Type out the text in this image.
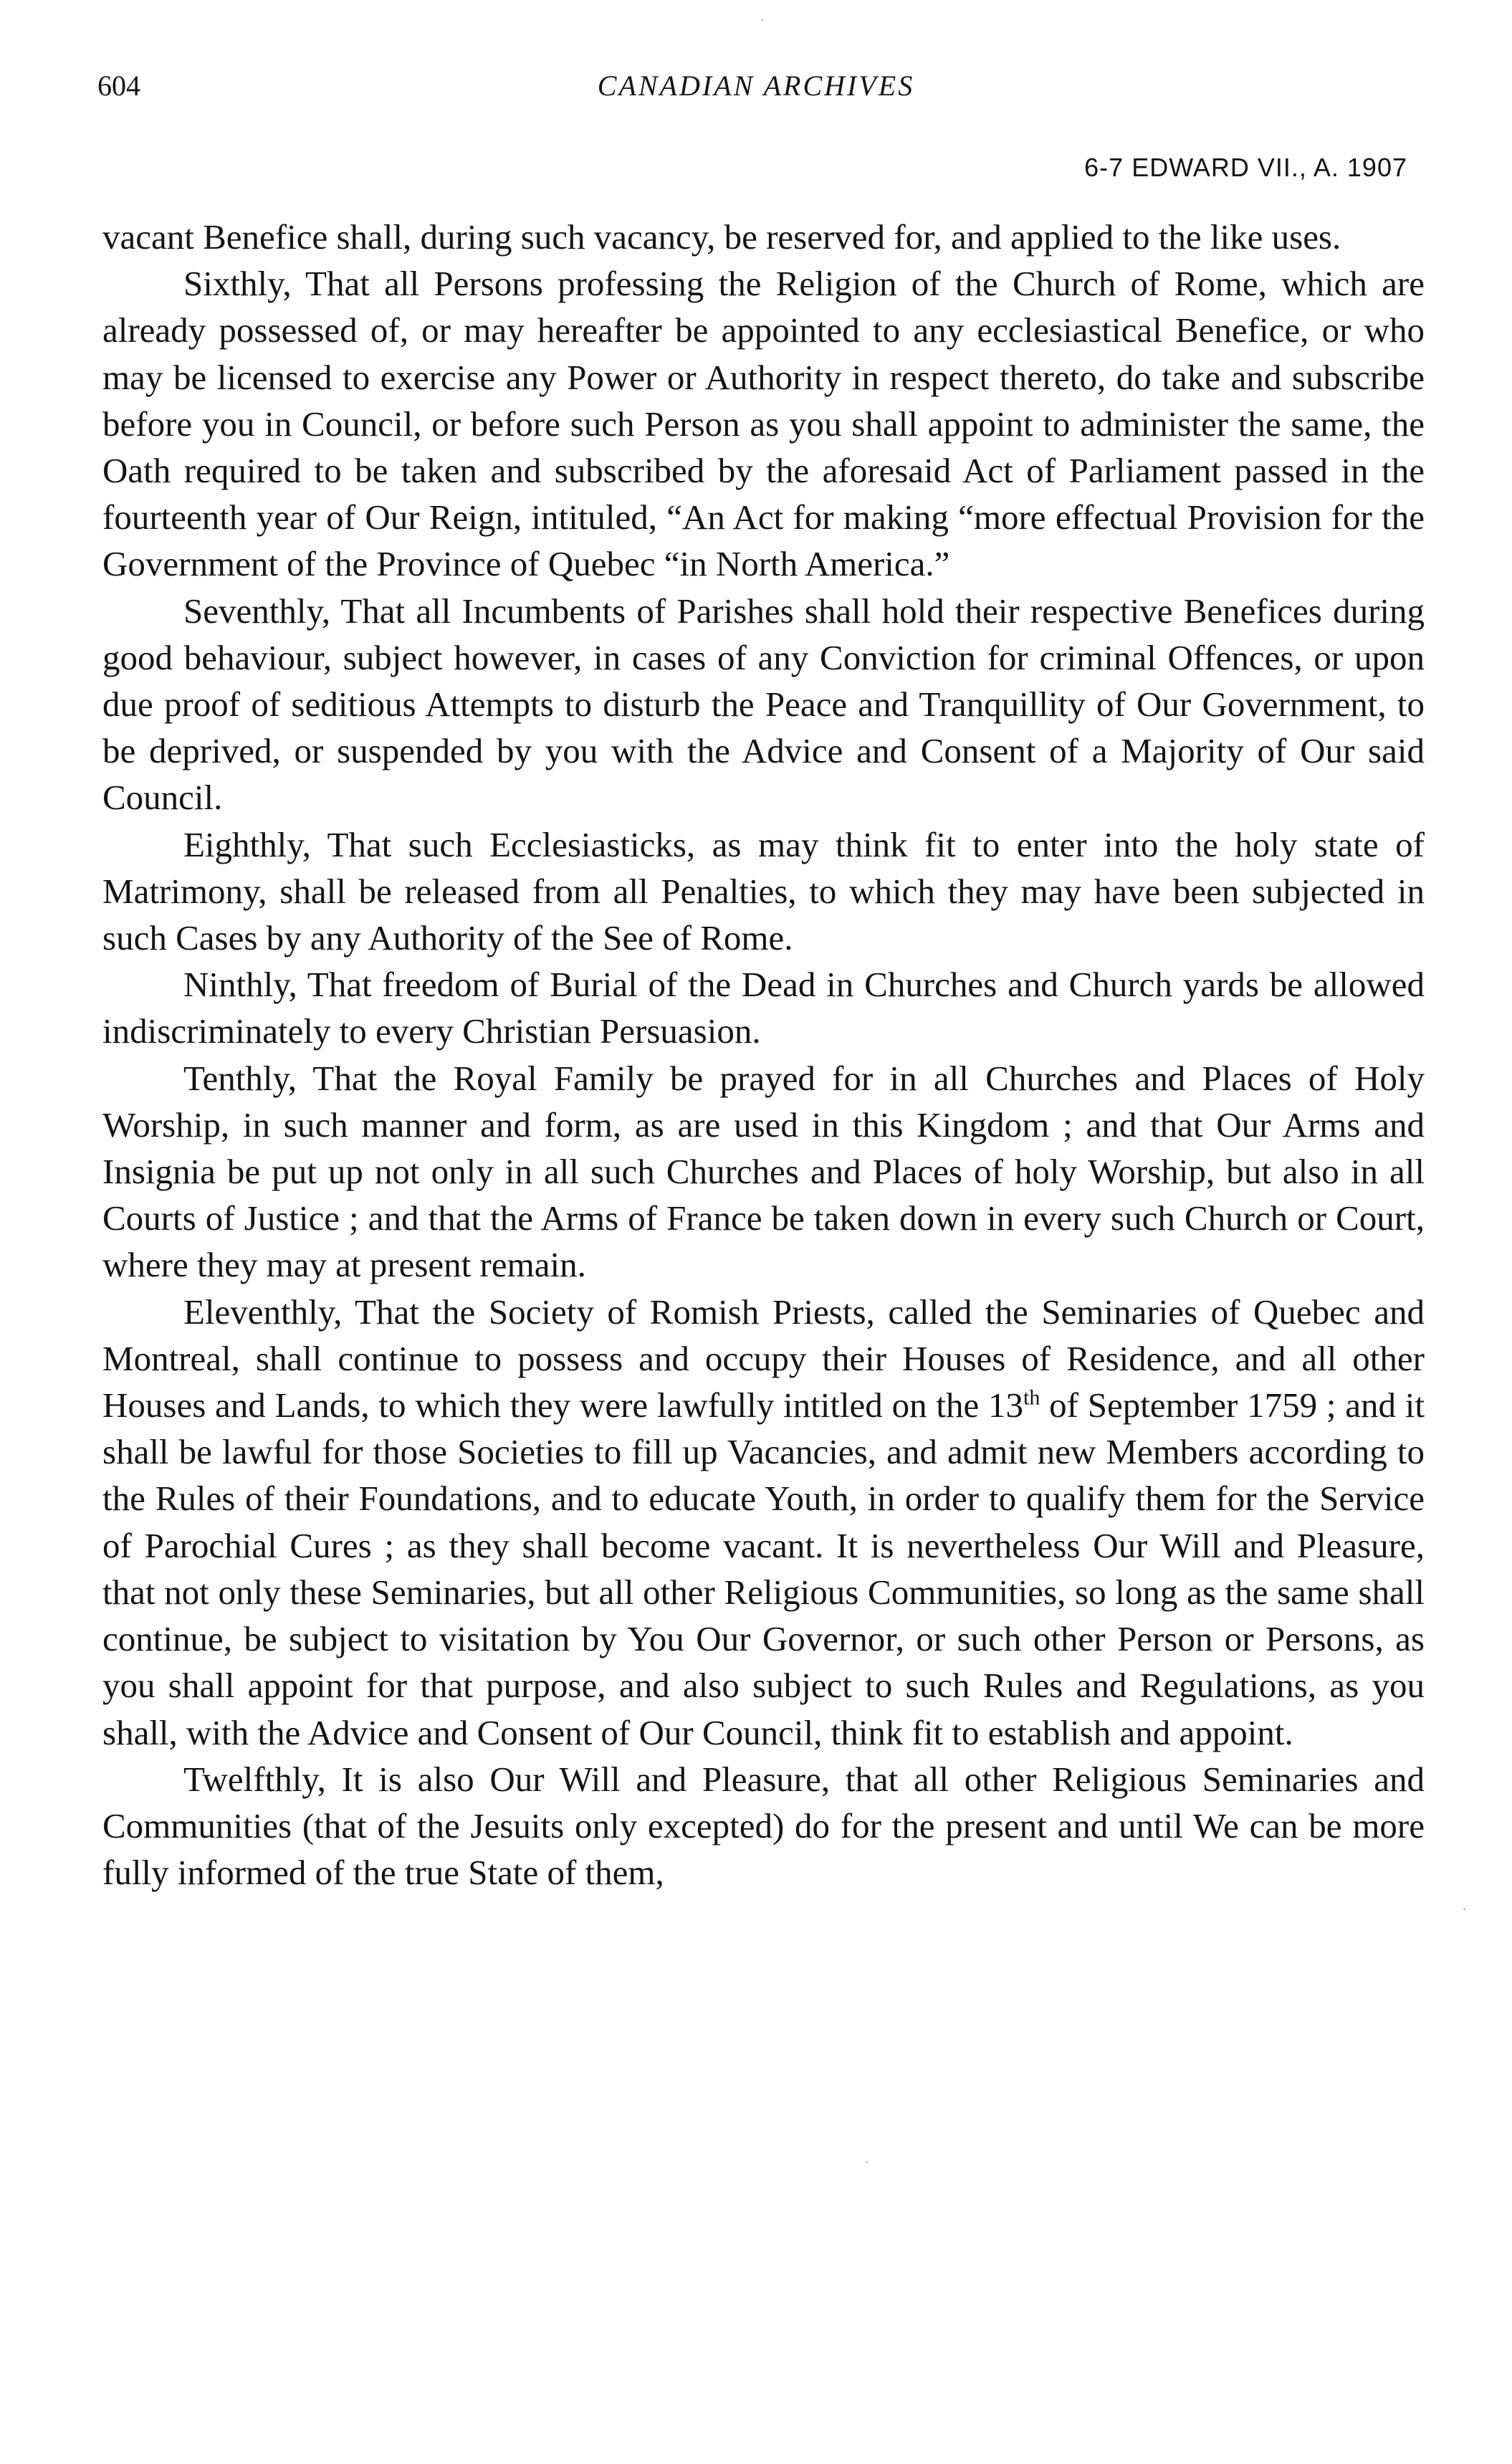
604	CANADIAN ARCHIVES
6-7 EDWARD VII., A. 1907

vacant Benefice shall, during such vacancy, be reserved for, and applied to the like uses.

Sixthly, That all Persons professing the Religion of the Church of Rome, which are already possessed of, or may hereafter be appointed to any ecclesiastical Benefice, or who may be licensed to exercise any Power or Authority in respect thereto, do take and subscribe before you in Council, or before such Person as you shall appoint to administer the same, the Oath required to be taken and subscribed by the aforesaid Act of Parliament passed in the fourteenth year of Our Reign, intituled, “An Act for making “more effectual Provision for the Government of the Province of Quebec “in North America.”

Seventhly, That all Incumbents of Parishes shall hold their respective Benefices during good behaviour, subject however, in cases of any Conviction for criminal Offences, or upon due proof of seditious Attempts to disturb the Peace and Tranquillity of Our Government, to be deprived, or suspended by you with the Advice and Consent of a Majority of Our said Council.

Eighthly, That such Ecclesiasticks, as may think fit to enter into the holy state of Matrimony, shall be released from all Penalties, to which they may have been subjected in such Cases by any Authority of the See of Rome.

Ninthly, That freedom of Burial of the Dead in Churches and Church yards be allowed indiscriminately to every Christian Persuasion.

Tenthly, That the Royal Family be prayed for in all Churches and Places of Holy Worship, in such manner and form, as are used in this Kingdom ; and that Our Arms and Insignia be put up not only in all such Churches and Places of holy Worship, but also in all Courts of Justice ; and that the Arms of France be taken down in every such Church or Court, where they may at present remain.

Eleventhly, That the Society of Romish Priests, called the Seminaries of Quebec and Montreal, shall continue to possess and occupy their Houses of Residence, and all other Houses and Lands, to which they were lawfully intitled on the 13th of September 1759 ; and it shall be lawful for those Societies to fill up Vacancies, and admit new Members according to the Rules of their Foundations, and to educate Youth, in order to qualify them for the Service of Parochial Cures ; as they shall become vacant. It is nevertheless Our Will and Pleasure, that not only these Seminaries, but all other Religious Communities, so long as the same shall continue, be subject to visitation by You Our Governor, or such other Person or Persons, as you shall appoint for that purpose, and also subject to such Rules and Regulations, as you shall, with the Advice and Consent of Our Council, think fit to establish and appoint.

Twelfthly, It is also Our Will and Pleasure, that all other Religious Seminaries and Communities (that of the Jesuits only excepted) do for the present and until We can be more fully informed of the true State of them,

·
·
·
